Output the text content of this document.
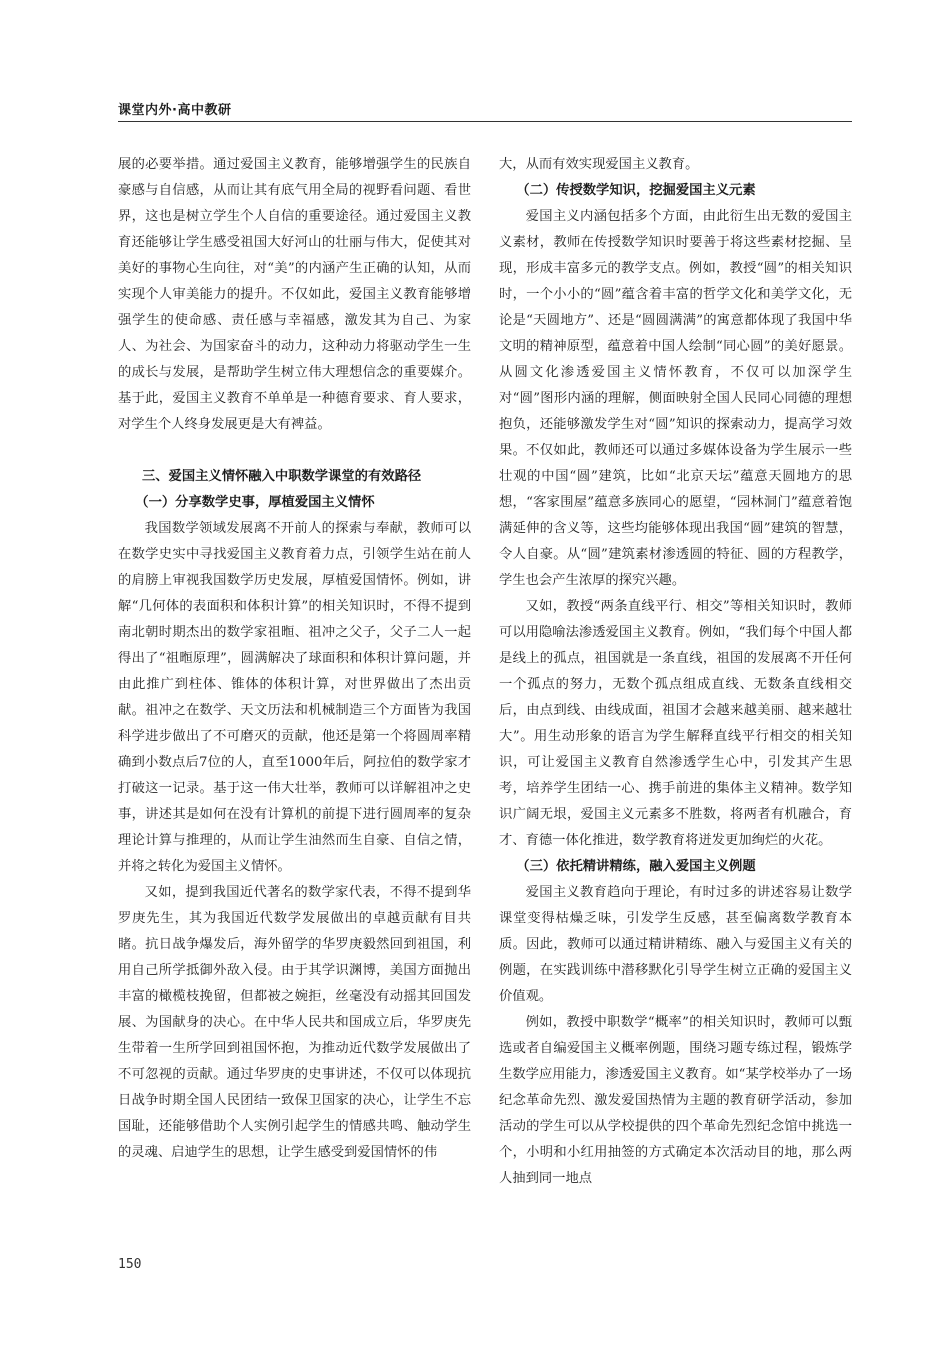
课堂内外·高中教研

展的必要举措。通过爱国主义教育，能够增强学生的民族自豪感与自信感，从而让其有底气用全局的视野看问题、看世界，这也是树立学生个人自信的重要途径。通过爱国主义教育还能够让学生感受祖国大好河山的壮丽与伟大，促使其对美好的事物心生向往，对“美”的内涵产生正确的认知，从而实现个人审美能力的提升。不仅如此，爱国主义教育能够增强学生的使命感、责任感与幸福感，激发其为自己、为家人、为社会、为国家奋斗的动力，这种动力将驱动学生一生的成长与发展，是帮助学生树立伟大理想信念的重要媒介。基于此，爱国主义教育不单单是一种德育要求、育人要求，对学生个人终身发展更是大有裨益。

三、爱国主义情怀融入中职数学课堂的有效路径
（一）分享数学史事，厚植爱国主义情怀

我国数学领域发展离不开前人的探索与奉献，教师可以在数学史实中寻找爱国主义教育着力点，引领学生站在前人的肩膀上审视我国数学历史发展，厚植爱国情怀。例如，讲解“几何体的表面积和体积计算”的相关知识时，不得不提到南北朝时期杰出的数学家祖暅、祖冲之父子，父子二人一起得出了“祖暅原理”，圆满解决了球面积和体积计算问题，并由此推广到柱体、锥体的体积计算，对世界做出了杰出贡献。祖冲之在数学、天文历法和机械制造三个方面皆为我国科学进步做出了不可磨灭的贡献，他还是第一个将圆周率精确到小数点后7位的人，直至1000年后，阿拉伯的数学家才打破这一记录。基于这一伟大壮举，教师可以详解祖冲之史事，讲述其是如何在没有计算机的前提下进行圆周率的复杂理论计算与推理的，从而让学生油然而生自豪、自信之情，并将之转化为爱国主义情怀。

又如，提到我国近代著名的数学家代表，不得不提到华罗庚先生，其为我国近代数学发展做出的卓越贡献有目共睹。抗日战争爆发后，海外留学的华罗庚毅然回到祖国，利用自己所学抵御外敌入侵。由于其学识渊博，美国方面抛出丰富的橄榄枝挽留，但都被之婉拒，丝毫没有动摇其回国发展、为国献身的决心。在中华人民共和国成立后，华罗庚先生带着一生所学回到祖国怀抱，为推动近代数学发展做出了不可忽视的贡献。通过华罗庚的史事讲述，不仅可以体现抗日战争时期全国人民团结一致保卫国家的决心，让学生不忘国耻，还能够借助个人实例引起学生的情感共鸣、触动学生的灵魂、启迪学生的思想，让学生感受到爱国情怀的伟

大，从而有效实现爱国主义教育。

（二）传授数学知识，挖掘爱国主义元素

爱国主义内涵包括多个方面，由此衍生出无数的爱国主义素材，教师在传授数学知识时要善于将这些素材挖掘、呈现，形成丰富多元的教学支点。例如，教授“圆”的相关知识时，一个小小的“圆”蕴含着丰富的哲学文化和美学文化，无论是“天圆地方”、还是“圆圆满满”的寓意都体现了我国中华文明的精神原型，蕴意着中国人绘制“同心圆”的美好愿景。从圆文化渗透爱国主义情怀教育，不仅可以加深学生对“圆”图形内涵的理解，侧面映射全国人民同心同德的理想抱负，还能够激发学生对“圆”知识的探索动力，提高学习效果。不仅如此，教师还可以通过多媒体设备为学生展示一些壮观的中国“圆”建筑，比如“北京天坛”蕴意天圆地方的思想，“客家围屋”蕴意多族同心的愿望，“园林洞门”蕴意着饱满延伸的含义等，这些均能够体现出我国“圆”建筑的智慧，令人自豪。从“圆”建筑素材渗透圆的特征、圆的方程教学，学生也会产生浓厚的探究兴趣。

又如，教授“两条直线平行、相交”等相关知识时，教师可以用隐喻法渗透爱国主义教育。例如，“我们每个中国人都是线上的孤点，祖国就是一条直线，祖国的发展离不开任何一个孤点的努力，无数个孤点组成直线、无数条直线相交后，由点到线、由线成面，祖国才会越来越美丽、越来越壮大”。用生动形象的语言为学生解释直线平行相交的相关知识，可让爱国主义教育自然渗透学生心中，引发其产生思考，培养学生团结一心、携手前进的集体主义精神。数学知识广阔无垠，爱国主义元素多不胜数，将两者有机融合，育才、育德一体化推进，数学教育将迸发更加绚烂的火花。

（三）依托精讲精练，融入爱国主义例题

爱国主义教育趋向于理论，有时过多的讲述容易让数学课堂变得枯燥乏味，引发学生反感，甚至偏离数学教育本质。因此，教师可以通过精讲精练、融入与爱国主义有关的例题，在实践训练中潜移默化引导学生树立正确的爱国主义价值观。

例如，教授中职数学“概率”的相关知识时，教师可以甄选或者自编爱国主义概率例题，围绕习题专练过程，锻炼学生数学应用能力，渗透爱国主义教育。如“某学校举办了一场纪念革命先烈、激发爱国热情为主题的教育研学活动，参加活动的学生可以从学校提供的四个革命先烈纪念馆中挑选一个，小明和小红用抽签的方式确定本次活动目的地，那么两人抽到同一地点

150
